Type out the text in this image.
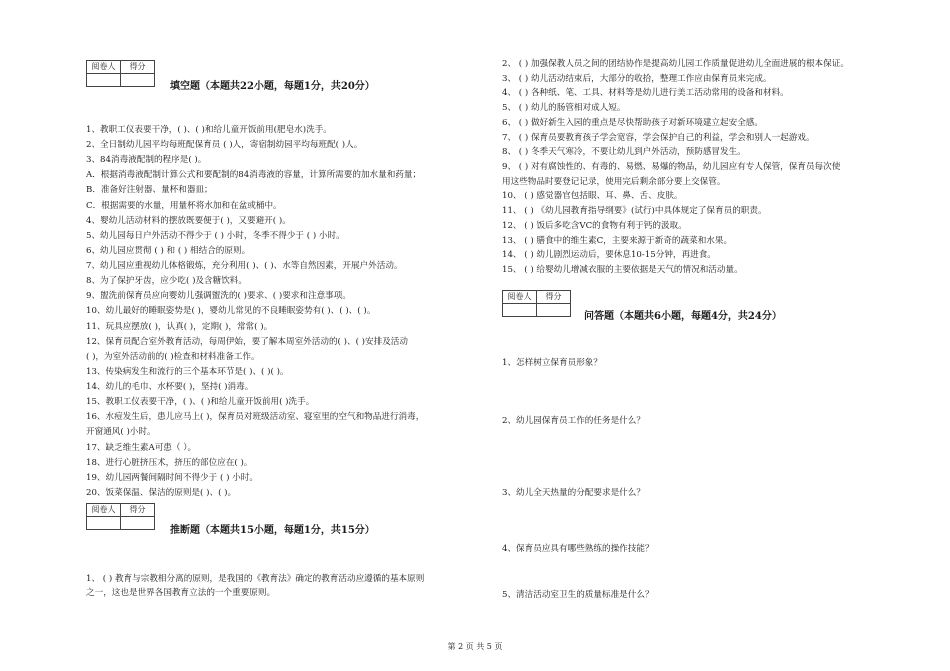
阅卷人	得分

填空题（本题共22小题，每题1分，共20分）
1、教职工仪表要干净，( )、( )和给儿童开饭前用(肥皂水)洗手。
2、全日制幼儿园平均每班配保育员 ( )人，寄宿制幼园平均每班配( )人。
3、84消毒液配制的程序是( )。
A．根据消毒液配制计算公式和要配制的84消毒液的容量，计算所需要的加水量和药量；
B．准备好注射器、量杯和器皿；
C．根据需要的水量，用量杯将水加和在盆或桶中。
4、婴幼儿活动材料的摆放既要便于( )，又要避开( )。
5、幼儿园每日户外活动不得少于 ( ) 小时，冬季不得少于 ( ) 小时。
6、幼儿园应贯彻 ( ) 和 ( ) 相结合的原则。
7、幼儿园应重视幼儿体格锻炼，充分利用( )、( )、水等自然因素，开展户外活动。
8、为了保护牙齿，应少吃( )及含糖饮料。
9、盥洗前保育员应向婴幼儿强调盥洗的( )要求、( )要求和注意事项。
10、幼儿最好的睡眠姿势是( )，婴幼儿常见的不良睡眠姿势有( )、( )、( )。
11、玩具应摆放( )，认真( )，定期( )，常常( )。
12、保育员配合室外教育活动，每周伊始，要了解本周室外活动的( )、( )安排及活动
( )，为室外活动前的( )检查和材料准备工作。
13、传染病发生和流行的三个基本环节是( )、( )( )。
14、幼儿的毛巾、水杯要( )，坚持( )消毒。
15、教职工仪表要干净，( )、( )和给儿童开饭前用( )洗手。
16、水痘发生后，患儿应马上( )，保育员对班级活动室、寝室里的空气和物品进行消毒，
开窗通风( )小时。
17、缺乏维生素A可患（ ）。
18、进行心脏挤压术，挤压的部位应在( )。
19、幼儿园两餐间隔时间不得少于 ( ) 小时。
20、饭菜保温、保洁的原则是( )、( )。
阅卷人	得分

推断题（本题共15小题，每题1分，共15分）
1、 ( ) 教育与宗教相分离的原则，是我国的《教育法》确定的教育活动应遵循的基本原则
之一，这也是世界各国教育立法的一个重要原则。
2、 ( ) 加强保教人员之间的团结协作是提高幼儿园工作质量促进幼儿全面进展的根本保证。
3、 ( ) 幼儿活动结束后，大部分的收拾，整理工作应由保育员来完成。
4、 ( ) 各种纸、笔、工具、材料等是幼儿进行美工活动常用的设备和材料。
5、 ( ) 幼儿的肠管相对成人短。
6、 ( ) 做好新生入园的重点是尽快帮助孩子对新环境建立起安全感。
7、 ( ) 保育员要教育孩子学会宽容，学会保护自己的利益，学会和别人一起游戏。
8、 ( ) 冬季天气寒冷，不要让幼儿到户外活动，预防感冒发生。
9、 ( ) 对有腐蚀性的、有毒的、易燃、易爆的物品，幼儿园应有专人保管，保育员每次使
用这些物品时要登记记录，使用完后剩余部分要上交保管。
10、 ( ) 感觉器官包括眼、耳、鼻、舌、皮肤。
11、 ( ) 《幼儿园教育指导纲要》(试行)中具体规定了保育员的职责。
12、 ( ) 饭后多吃含VC的食物有利于钙的汲取。
13、 ( ) 膳食中的维生素C，主要来源于新奇的蔬菜和水果。
14、 ( ) 幼儿剧烈运动后，要休息10-15分钟，再进食。
15、 ( ) 给婴幼儿增减衣服的主要依据是天气的情况和活动量。
阅卷人	得分

问答题（本题共6小题，每题4分，共24分）
1、怎样树立保育员形象？
2、幼儿园保育员工作的任务是什么？
3、幼儿全天热量的分配要求是什么？
4、保育员应具有哪些熟练的操作技能？
5、清洁活动室卫生的质量标准是什么？
第 2 页 共 5 页
